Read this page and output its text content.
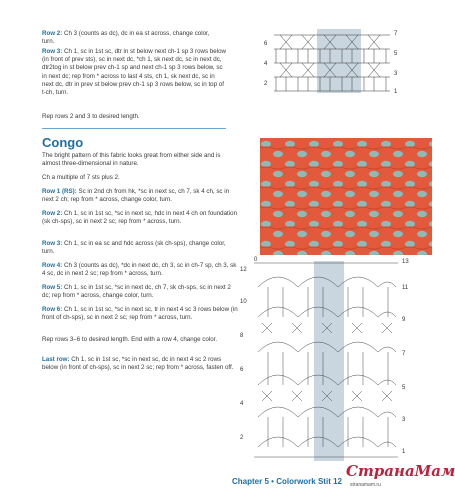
Row 2: Ch 3 (counts as dc), dc in ea st across, change color, turn.
Row 3: Ch 1, sc in 1st sc, dtr in st below next ch-1 sp 3 rows below (in front of prev sts), sc in next dc, *ch 1, sk next dc, sc in next dc, dtr2tog in st below prev ch-1 sp and next ch-1 sp 3 rows below, sc in next dc; rep from * across to last 4 sts, ch 1, sk next dc, sc in next dc, dtr in prev st below prev ch-1 sp 3 rows below, sc in top of t-ch, turn.
Rep rows 2 and 3 to desired length.
6
4
2
7
5
3
1
Congo
The bright pattern of this fabric looks great from either side and is almost three-dimensional in nature.
Ch a multiple of 7 sts plus 2.
Row 1 (RS): Sc in 2nd ch from hk, *sc in next sc, ch 7, sk 4 ch, sc in next 2 ch; rep from * across, change color, turn.
Row 2: Ch 1, sc in 1st sc, *sc in next sc, hdc in next 4 ch on foundation (sk ch-sps), sc in next 2 sc; rep from * across, turn.
Row 3: Ch 1, sc in ea sc and hdc across (sk ch-sps), change color, turn.
Row 4: Ch 3 (counts as dc), *dc in next dc, ch 3, sc in ch-7 sp, ch 3, sk 4 sc, dc in next 2 sc; rep from * across, turn.
Row 5: Ch 1, sc in 1st sc, *sc in next dc, ch 7, sk ch-sps, sc in next 2 dc; rep from * across, change color, turn.
Row 6: Ch 1, sc in 1st sc, *sc in next sc, tr in next 4 sc 3 rows below (in front of ch-sps), sc in next 2 sc; rep from * across, turn.
Rep rows 3–6 to desired length. End with a row 4, change color.
Last row: Ch 1, sc in 1st sc, *sc in next sc, dc in next 4 sc 2 rows below (in front of ch-sps), sc in next 2 sc; rep from * across, fasten off.
12
10
8
6
4
2
0	13
11
9
7
5
3
1
Chapter 5 • Colorwork Stit 12
СтранаМам
stranamam.ru
